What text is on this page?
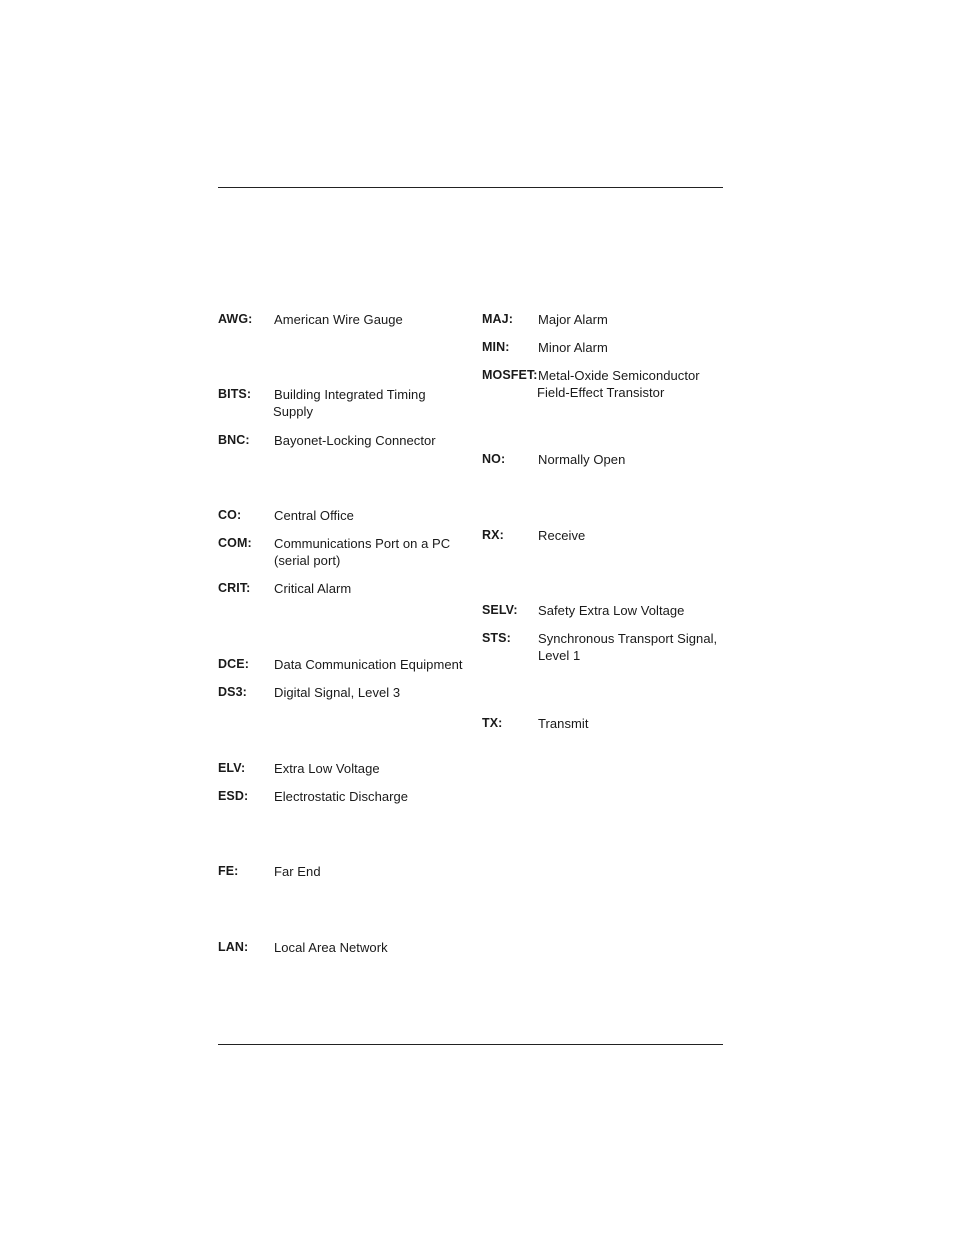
AWG: American Wire Gauge
BITS: Building Integrated Timing
Supply
BNC: Bayonet-Locking Connector
CO:	Central Office
COM: Communications Port on a PC
(serial port)
CRIT: Critical Alarm
DCE: Data Communication Equipment
DS3: Digital Signal, Level 3
ELV: Extra Low Voltage
ESD: Electrostatic Discharge
FE:	Far End
LAN: Local Area Network
MAJ: Major Alarm
MIN: Minor Alarm
MOSFET: Metal-Oxide Semiconductor
Field-Effect Transistor
NO:	Normally Open
RX:	Receive
SELV: Safety Extra Low Voltage
STS: Synchronous Transport Signal,
Level 1
TX:	Transmit
